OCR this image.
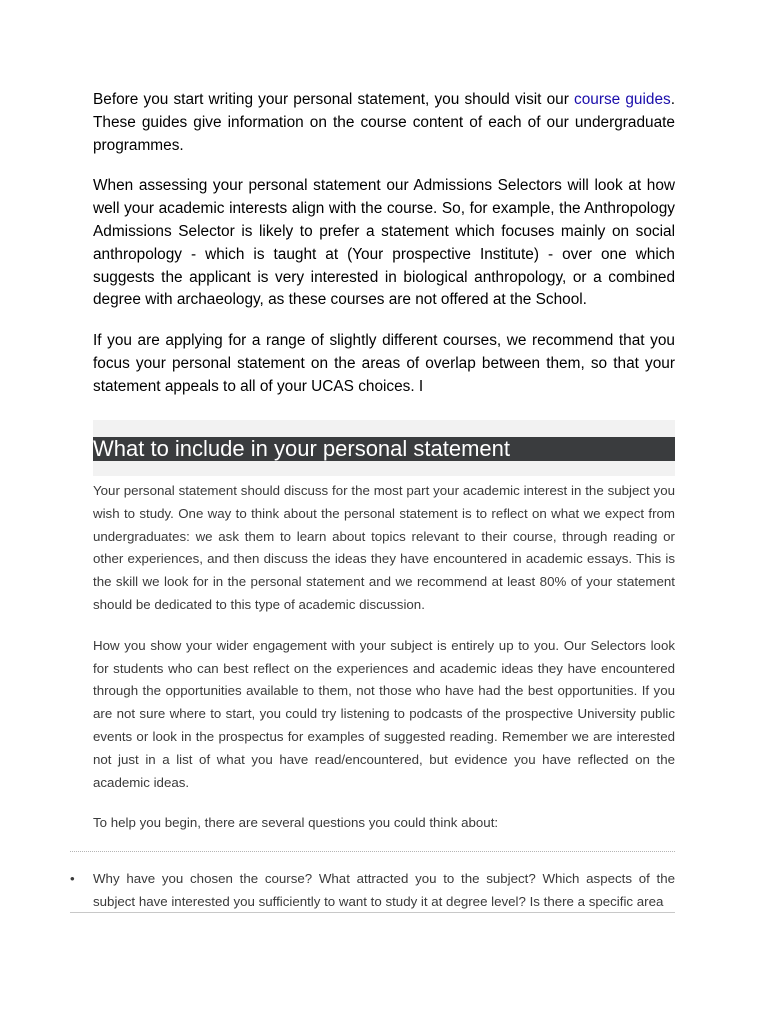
Before you start writing your personal statement, you should visit our course guides. These guides give information on the course content of each of our undergraduate programmes.

When assessing your personal statement our Admissions Selectors will look at how well your academic interests align with the course. So, for example, the Anthropology Admissions Selector is likely to prefer a statement which focuses mainly on social anthropology - which is taught at (Your prospective Institute) - over one which suggests the applicant is very interested in biological anthropology, or a combined degree with archaeology, as these courses are not offered at the School.

If you are applying for a range of slightly different courses, we recommend that you focus your personal statement on the areas of overlap between them, so that your statement appeals to all of your UCAS choices. I

What to include in your personal statement

Your personal statement should discuss for the most part your academic interest in the subject you wish to study. One way to think about the personal statement is to reflect on what we expect from undergraduates: we ask them to learn about topics relevant to their course, through reading or other experiences, and then discuss the ideas they have encountered in academic essays. This is the skill we look for in the personal statement and we recommend at least 80% of your statement should be dedicated to this type of academic discussion.

How you show your wider engagement with your subject is entirely up to you. Our Selectors look for students who can best reflect on the experiences and academic ideas they have encountered through the opportunities available to them, not those who have had the best opportunities. If you are not sure where to start, you could try listening to podcasts of the prospective University public events or look in the prospectus for examples of suggested reading. Remember we are interested not just in a list of what you have read/encountered, but evidence you have reflected on the academic ideas.

To help you begin, there are several questions you could think about:

• Why have you chosen the course? What attracted you to the subject? Which aspects of the subject have interested you sufficiently to want to study it at degree level? Is there a specific area
